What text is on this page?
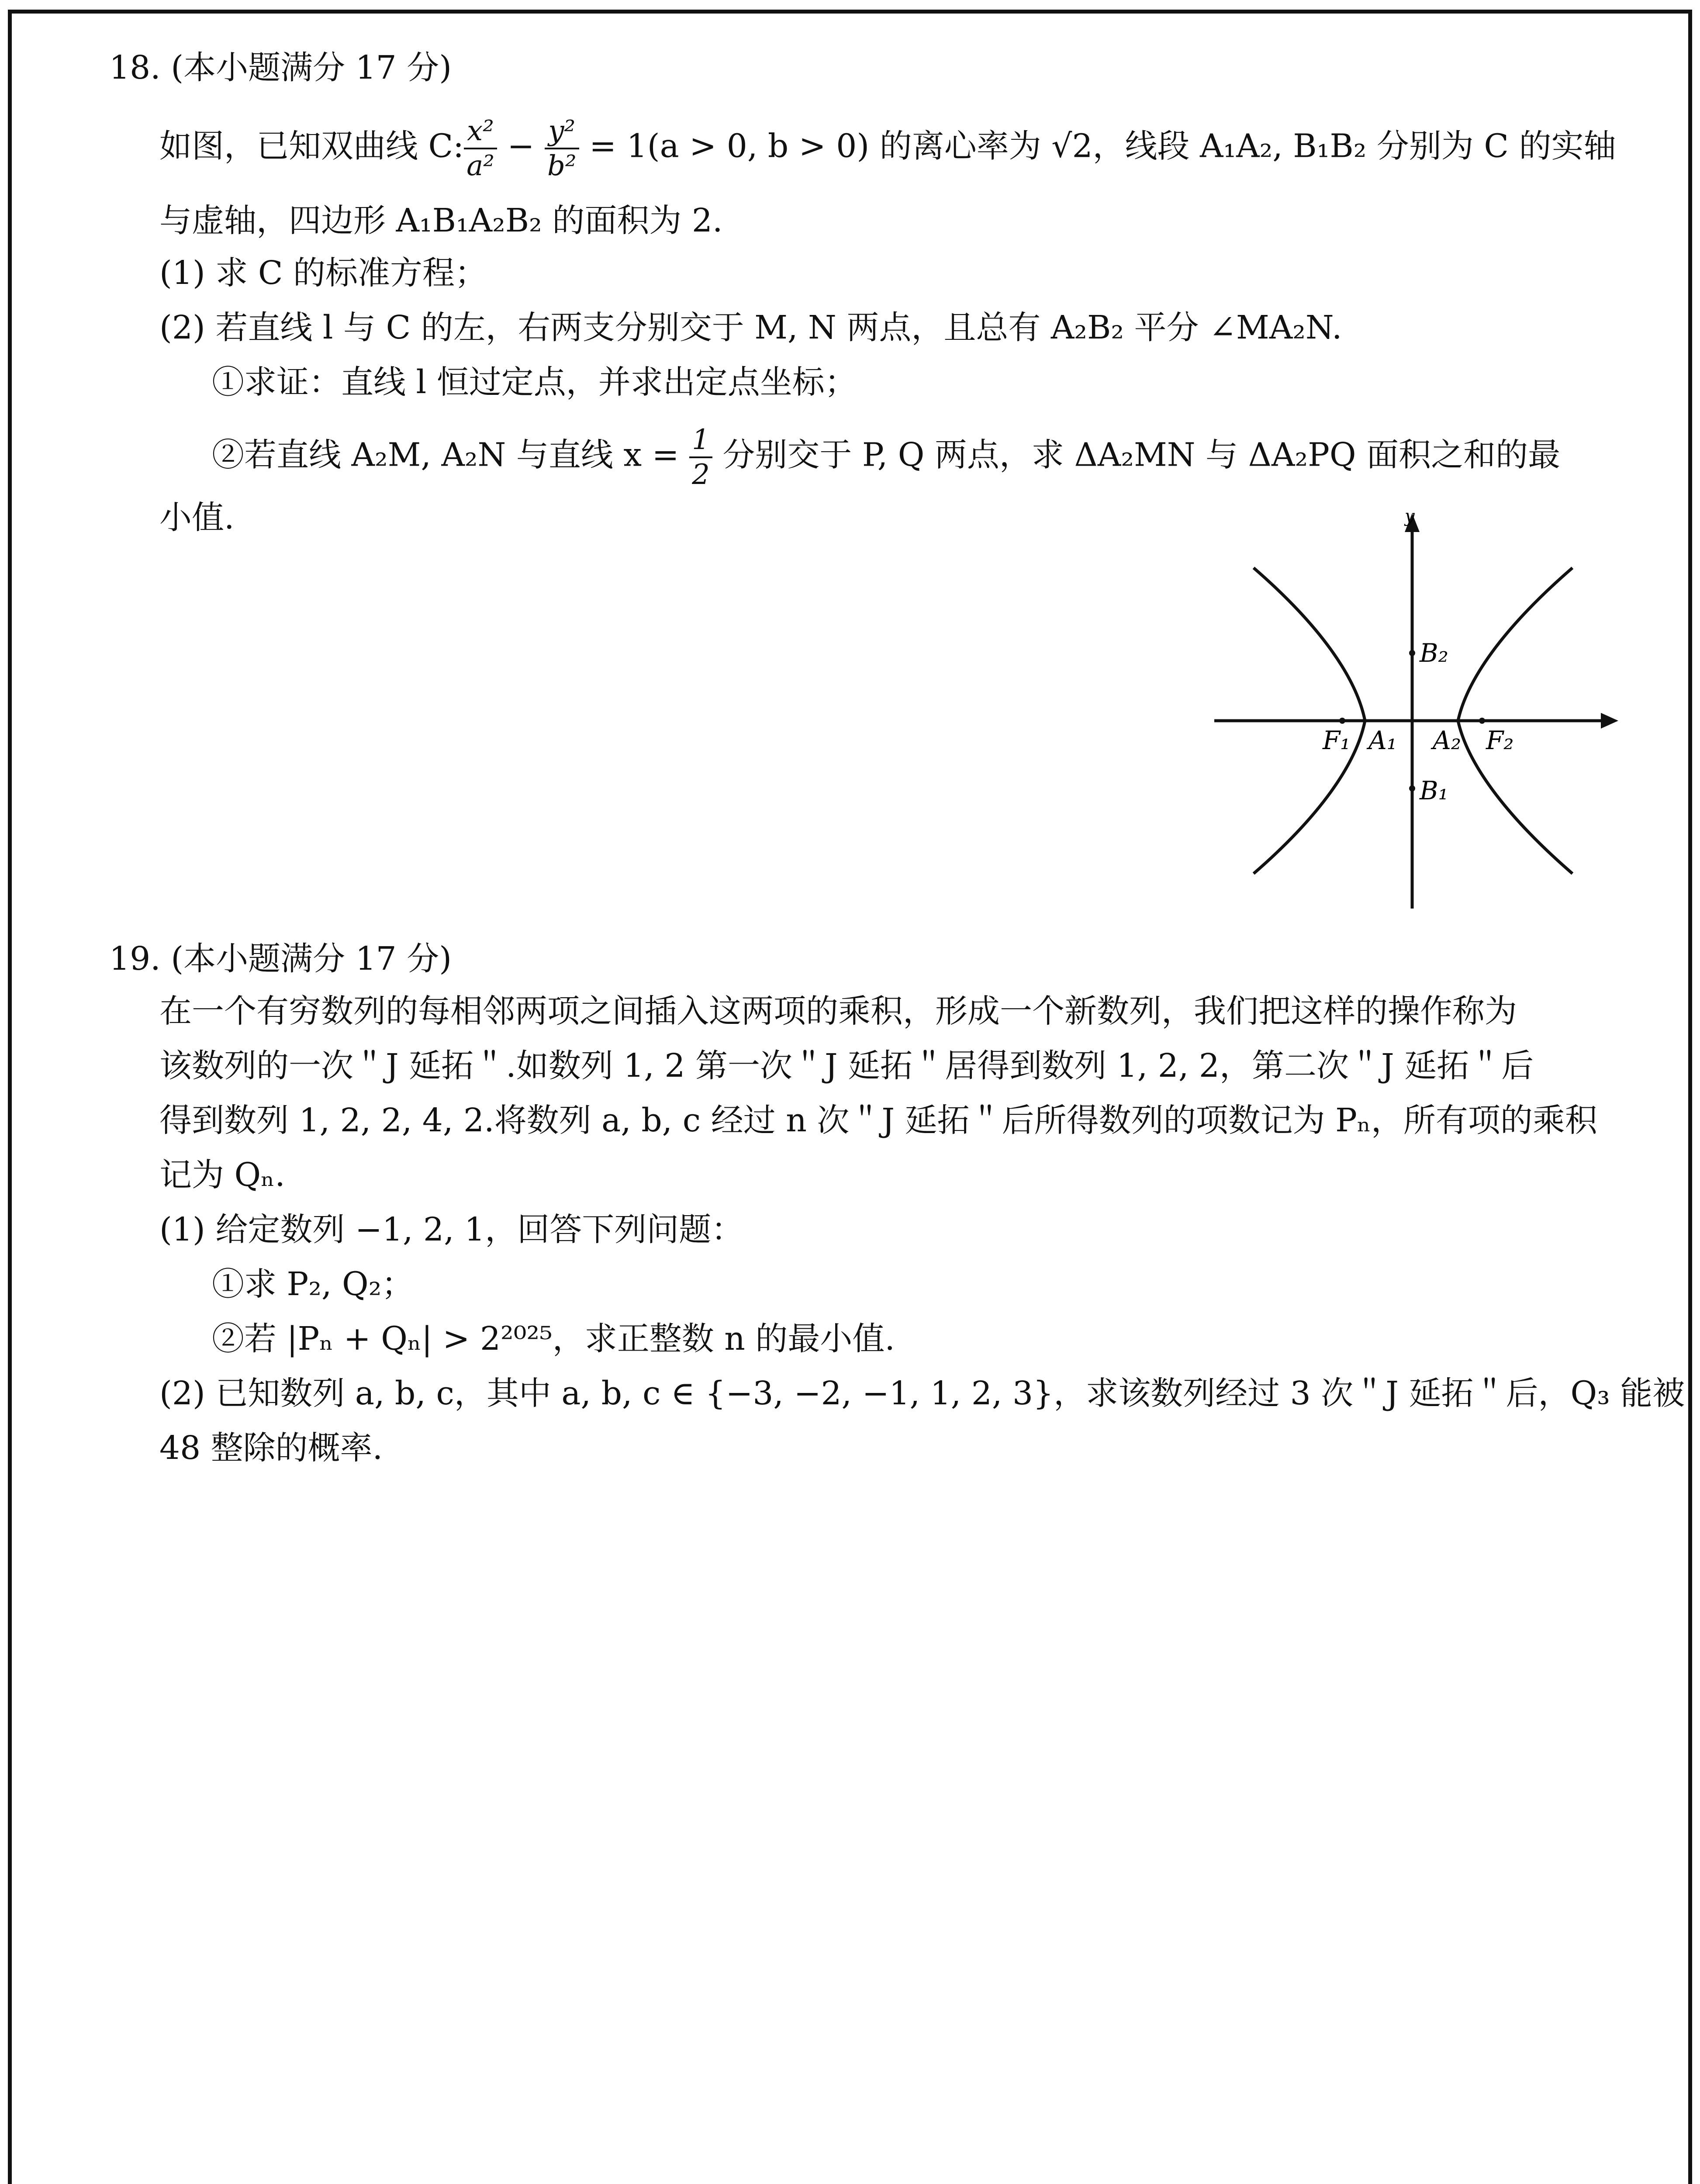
18. (本小题满分 17 分)
如图，已知双曲线 C: $\frac{\text{x²}}{\text{a²}} - \frac{\text{y²}}{\text{b²}} = 1(a > 0$, b > 0) 的离心率为 √2，线段 A₁A₂, B₁B₂ 分别为 C 的实轴
与虚轴，四边形 A₁B₁A₂B₂ 的面积为 2.
(1) 求 C 的标准方程；
(2) 若直线 l 与 C 的左，右两支分别交于 M, N 两点，且总有 A₂B₂ 平分 ∠MA₂N.
①求证：直线 l 恒过定点，并求出定点坐标；
②若直线 A₂M, A₂N 与直线 $x = \frac{1}{2}$ 分别交于 P, Q 两点，求 ΔA₂MN 与 ΔA₂PQ 面积之和的最
小值.	y
B₂
B₁
F₁ A₁ A₂ F₂
19. (本小题满分 17 分)
在一个有穷数列的每相邻两项之间插入这两项的乘积，形成一个新数列，我们把这样的操作称为
该数列的一次＂J 延拓＂.如数列 1, 2 第一次＂J 延拓＂居得到数列 1, 2, 2，第二次＂J 延拓＂后
得到数列 1, 2, 2, 4, 2.将数列 a, b, c 经过 n 次＂J 延拓＂后所得数列的项数记为 Pₙ，所有项的乘积
记为 Qₙ.
(1) 给定数列 −1, 2, 1，回答下列问题：
①求 P₂, Q₂；
②若 |Pₙ + Qₙ| > 2²⁰²⁵，求正整数 n 的最小值.
(2) 已知数列 a, b, c，其中 a, b, c ∈ {−3, −2, −1, 1, 2, 3}，求该数列经过 3 次＂J 延拓＂后，Q₃ 能被
48 整除的概率.
